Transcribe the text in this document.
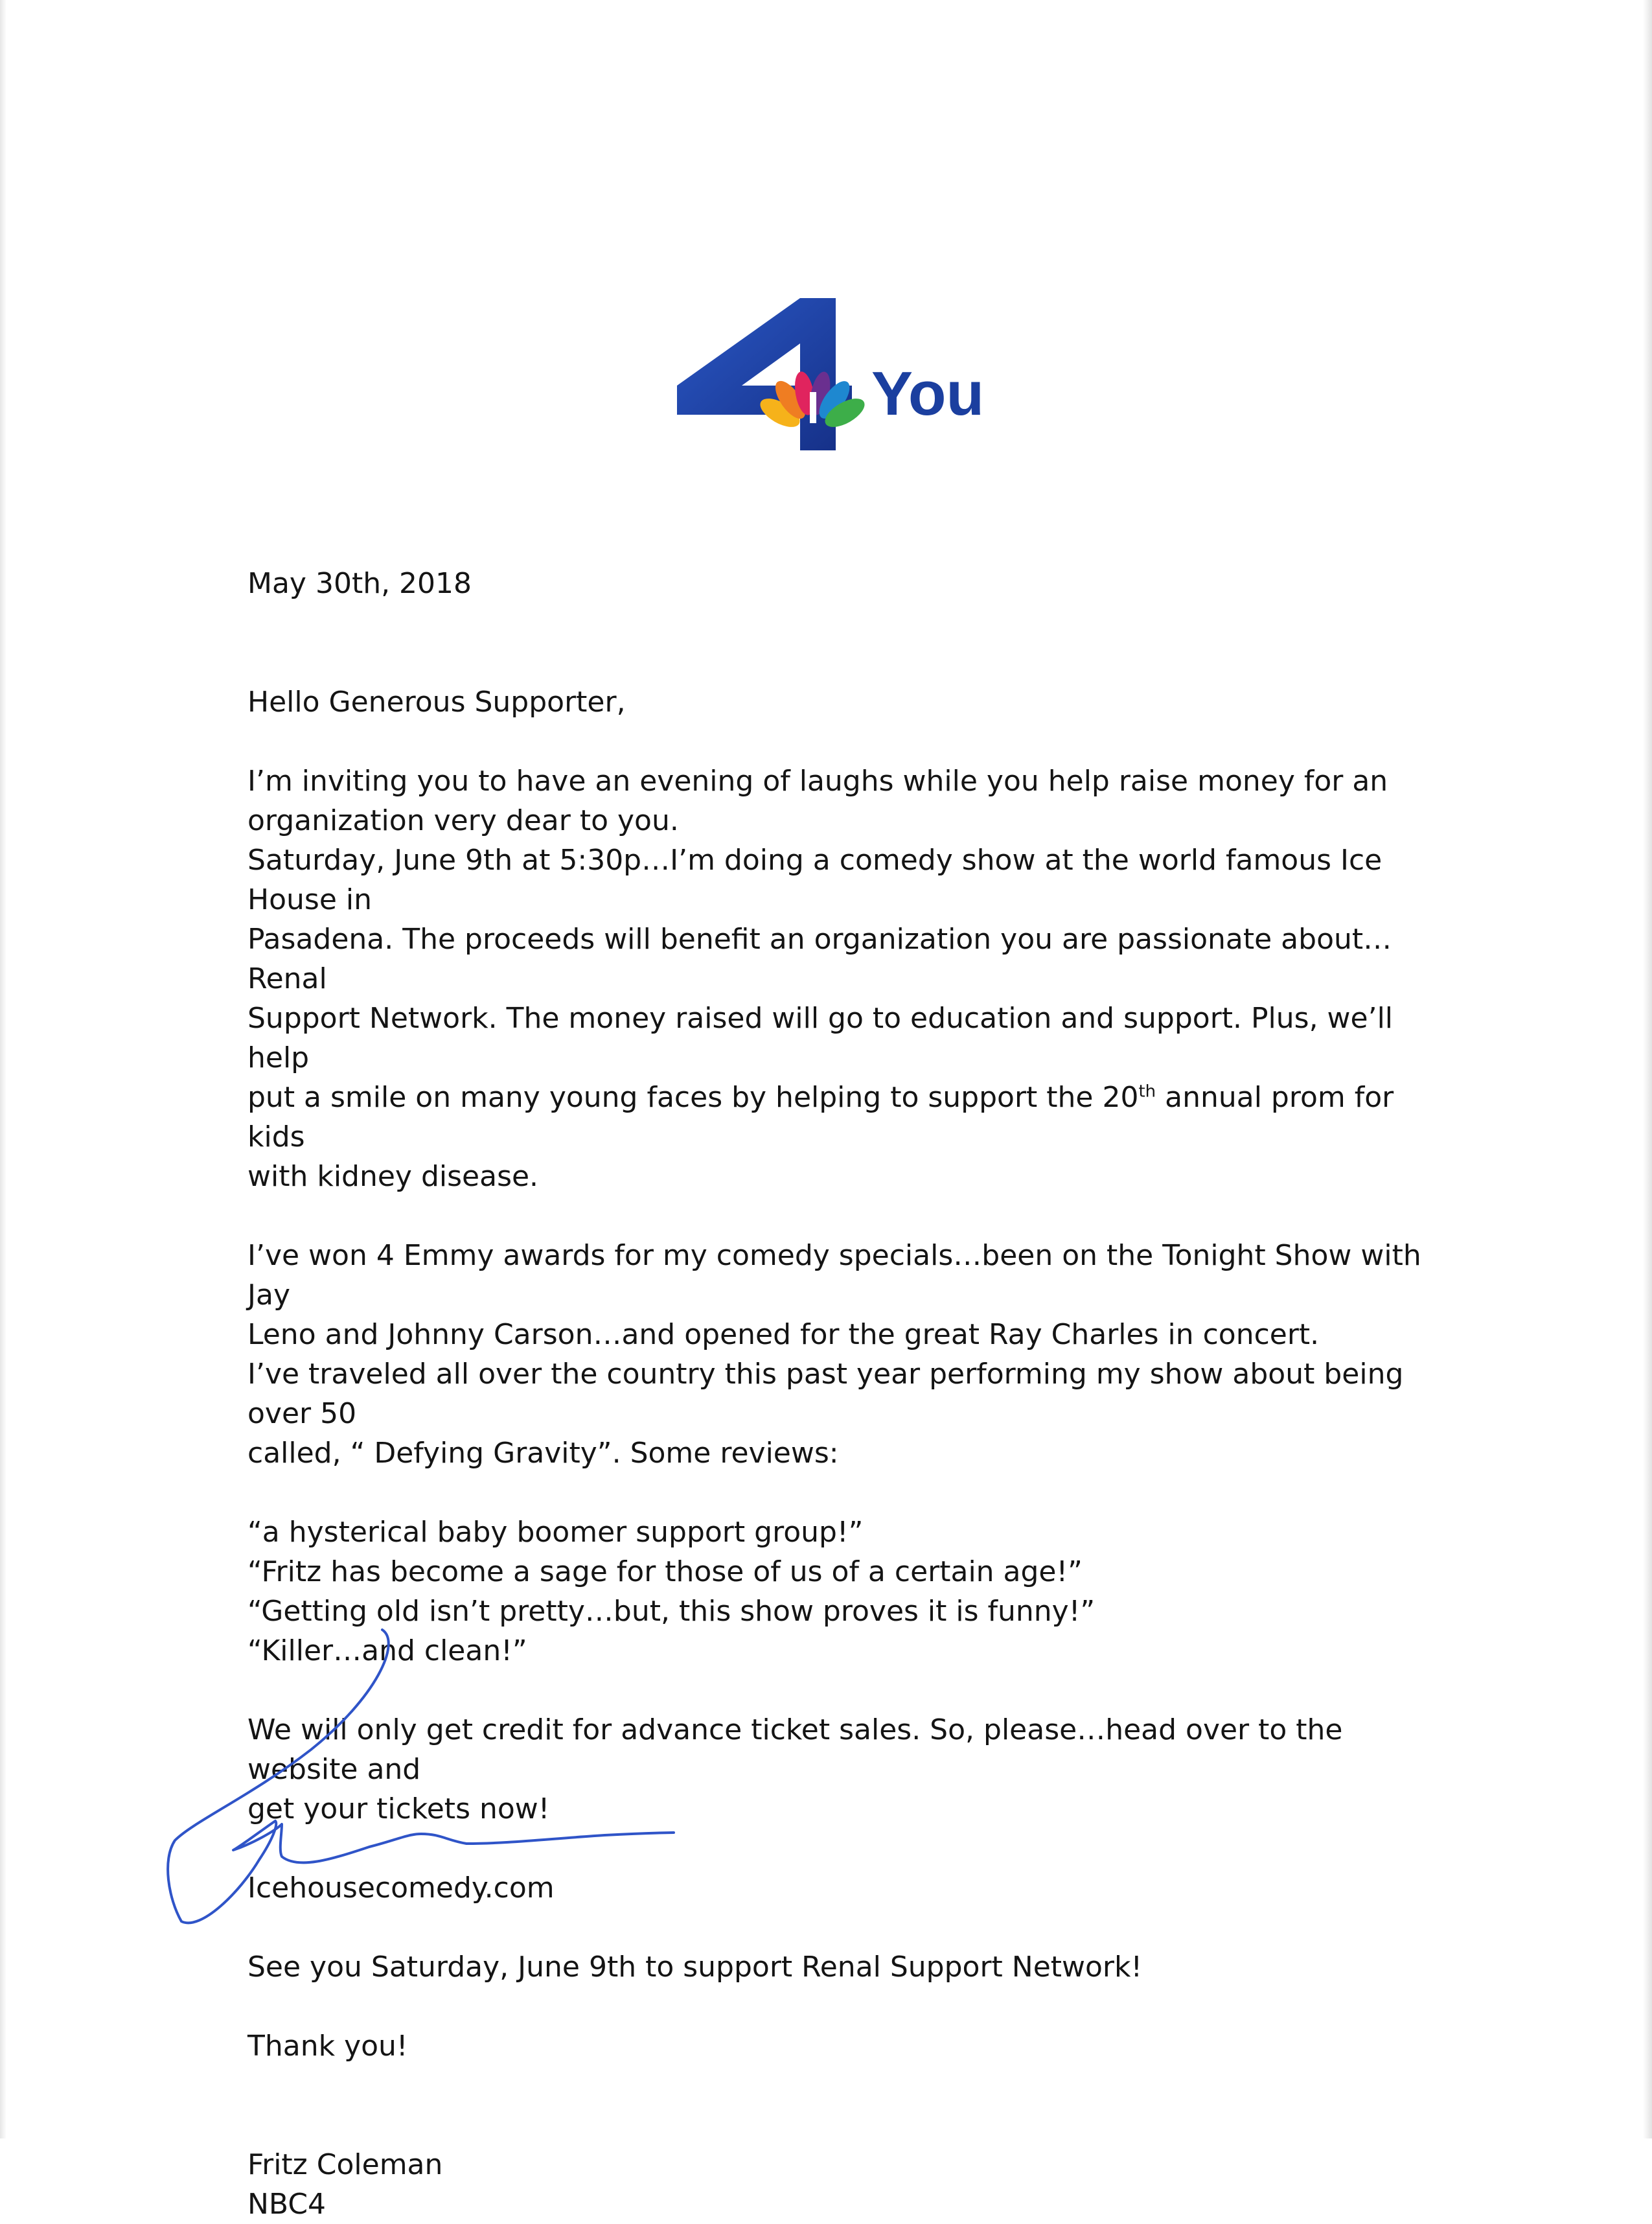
You

May 30th, 2018

Hello Generous Supporter,

I’m inviting you to have an evening of laughs while you help raise money for an

organization very dear to you.

Saturday, June 9th at 5:30p…I’m doing a comedy show at the world famous Ice House in

Pasadena. The proceeds will benefit an organization you are passionate about…Renal

Support Network. The money raised will go to education and support. Plus, we’ll help

put a smile on many young faces by helping to support the 20th annual prom for kids

with kidney disease.

I’ve won 4 Emmy awards for my comedy specials…been on the Tonight Show with Jay

Leno and Johnny Carson…and opened for the great Ray Charles in concert.

I’ve traveled all over the country this past year performing my show about being over 50

called, “ Defying Gravity”. Some reviews:

“a hysterical baby boomer support group!”

“Fritz has become a sage for those of us of a certain age!”

“Getting old isn’t pretty…but, this show proves it is funny!”

“Killer…and clean!”

We will only get credit for advance ticket sales. So, please…head over to the website and

get your tickets now!

Icehousecomedy.com

See you Saturday, June 9th to support Renal Support Network!

Thank you!

Fritz Coleman

NBC4
